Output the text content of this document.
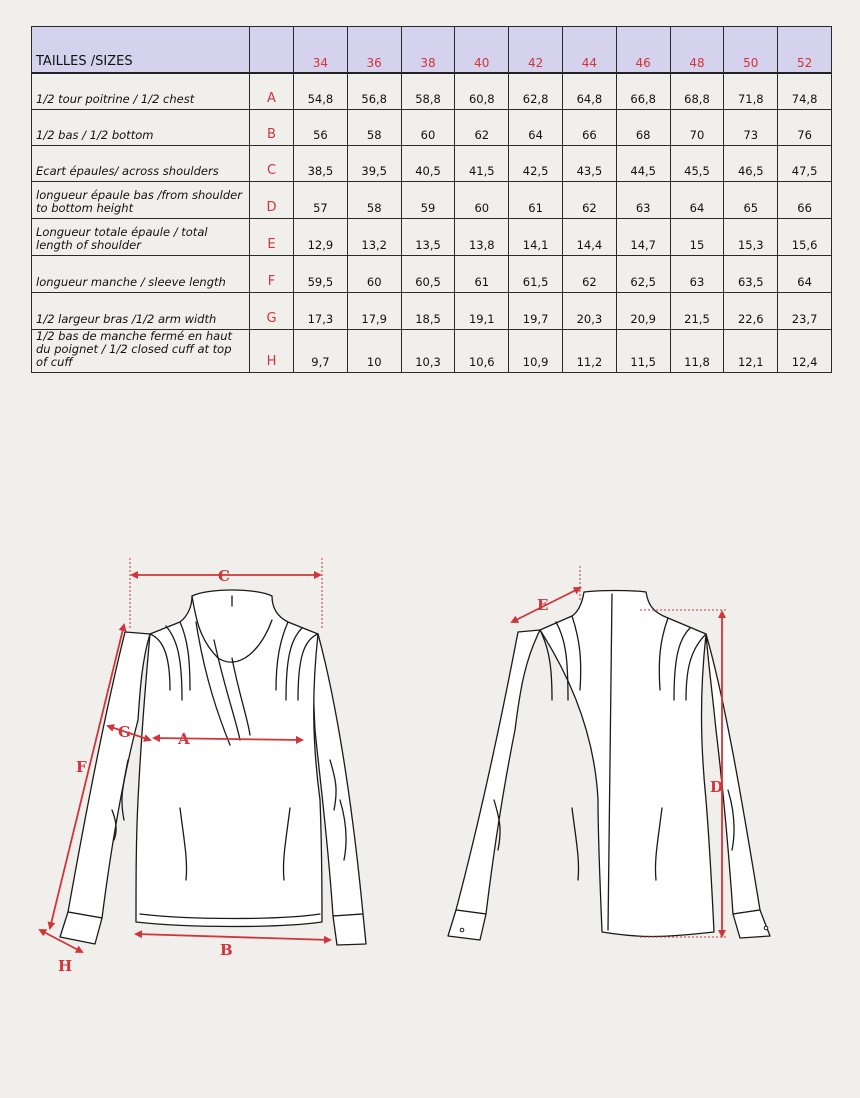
TAILLES /SIZES		34	36	38	40	42	44	46	48	50	52
1/2 tour poitrine / 1/2 chest	A	54,8	56,8	58,8	60,8	62,8	64,8	66,8	68,8	71,8	74,8
1/2 bas / 1/2 bottom	B	56	58	60	62	64	66	68	70	73	76
Ecart épaules/ across shoulders	C	38,5	39,5	40,5	41,5	42,5	43,5	44,5	45,5	46,5	47,5
longueur épaule bas /from shoulder to bottom height	D	57	58	59	60	61	62	63	64	65	66
Longueur totale épaule / total length of shoulder	E	12,9	13,2	13,5	13,8	14,1	14,4	14,7	15	15,3	15,6
longueur manche / sleeve length	F	59,5	60	60,5	61	61,5	62	62,5	63	63,5	64
1/2 largeur bras /1/2 arm width	G	17,3	17,9	18,5	19,1	19,7	20,3	20,9	21,5	22,6	23,7
1/2 bas de manche fermé en haut du poignet / 1/2 closed cuff at top of cuff	H	9,7	10	10,3	10,6	10,9	11,2	11,5	11,8	12,1	12,4
C
A
G
F
B
H
E
D
